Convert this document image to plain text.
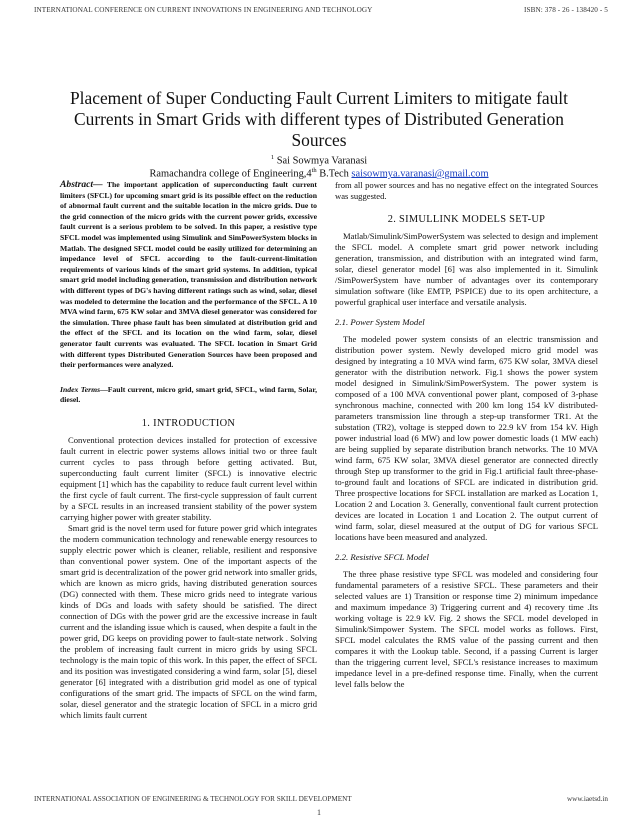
INTERNATIONAL CONFERENCE ON CURRENT INNOVATIONS IN ENGINEERING AND TECHNOLOGY	ISBN: 378 - 26 - 138420 - 5
Placement of Super Conducting Fault Current Limiters to mitigate fault Currents in Smart Grids with different types of Distributed Generation Sources
$^1$ Sai Sowmya Varanasi
Ramachandra college of Engineering,4th B.Tech saisowmya.varanasi@gmail.com

Abstract— The important application of superconducting fault current limiters (SFCL) for upcoming smart grid is its possible effect on the reduction of abnormal fault current and the suitable location in the micro grids. Due to the grid connection of the micro grids with the current power grids, excessive fault current is a serious problem to be solved. In this paper, a resistive type SFCL model was implemented using Simulink and SimPowerSystem blocks in Matlab. The designed SFCL model could be easily utilized for determining an impedance level of SFCL according to the fault-current-limitation requirements of various kinds of the smart grid systems. In addition, typical smart grid model including generation, transmission and distribution network with different types of DG's having different ratings such as wind, solar, diesel was modeled to determine the location and the performance of the SFCL. A 10 MVA wind farm, 675 KW solar and 3MVA diesel generator was considered for the simulation. Three phase fault has been simulated at distribution grid and the effect of the SFCL and its location on the wind farm, solar, diesel generator fault currents was evaluated. The SFCL location in Smart Grid with different types Distributed Generation Sources have been proposed and their performances were analyzed.

Index Terms—Fault current, micro grid, smart grid, SFCL, wind farm, Solar, diesel.

1. INTRODUCTION

Conventional protection devices installed for protection of excessive fault current in electric power systems allows initial two or three fault current cycles to pass through before getting activated. But, superconducting fault current limiter (SFCL) is innovative electric equipment [1] which has the capability to reduce fault current level within the first cycle of fault current. The first-cycle suppression of fault current by a SFCL results in an increased transient stability of the power system carrying higher power with greater stability.

Smart grid is the novel term used for future power grid which integrates the modern communication technology and renewable energy resources to supply electric power which is cleaner, reliable, resilient and responsive than conventional power system. One of the important aspects of the smart grid is decentralization of the power grid network into smaller grids, which are known as micro grids, having distributed generation sources (DG) connected with them. These micro grids need to integrate various kinds of DGs and loads with safety should be satisfied. The direct connection of DGs with the power grid are the excessive increase in fault current and the islanding issue which is caused, when despite a fault in the power grid, DG keeps on providing power to fault-state network . Solving the problem of increasing fault current in micro grids by using SFCL technology is the main topic of this work. In this paper, the effect of SFCL and its position was investigated considering a wind farm, solar [5], diesel generator [6] integrated with a distribution grid model as one of typical configurations of the smart grid. The impacts of SFCL on the wind farm, solar, diesel generator and the strategic location of SFCL in a micro grid which limits fault current

from all power sources and has no negative effect on the integrated Sources was suggested.

2. SIMULLINK MODELS SET-UP

Matlab/Simulink/SimPowerSystem was selected to design and implement the SFCL model. A complete smart grid power network including generation, transmission, and distribution with an integrated wind farm, solar, diesel generator model [6] was also implemented in it. Simulink /SimPowerSystem have number of advantages over its contemporary simulation software (like EMTP, PSPICE) due to its open architecture, a powerful graphical user interface and versatile analysis.

2.1. Power System Model

The modeled power system consists of an electric transmission and distribution power system. Newly developed micro grid model was designed by integrating a 10 MVA wind farm, 675 KW solar, 3MVA diesel generator with the distribution network. Fig.1 shows the power system model designed in Simulink/SimPowerSystem. The power system is composed of a 100 MVA conventional power plant, composed of 3-phase synchronous machine, connected with 200 km long 154 kV distributed-parameters transmission line through a step-up transformer TR1. At the substation (TR2), voltage is stepped down to 22.9 kV from 154 kV. High power industrial load (6 MW) and low power domestic loads (1 MW each) are being supplied by separate distribution branch networks. The 10 MVA wind farm, 675 KW solar, 3MVA diesel generator are connected directly through Step up transformer to the grid in Fig.1 artificial fault three-phase-to-ground fault and locations of SFCL are indicated in distribution grid. Three prospective locations for SFCL installation are marked as Location 1, Location 2 and Location 3. Generally, conventional fault current protection devices are located in Location 1 and Location 2. The output current of wind farm, solar, diesel measured at the output of DG for various SFCL locations have been measured and analyzed.

2.2. Resistive SFCL Model

The three phase resistive type SFCL was modeled and considering four fundamental parameters of a resistive SFCL. These parameters and their selected values are 1) Transition or response time 2) minimum impedance and maximum impedance 3) Triggering current and 4) recovery time .Its working voltage is 22.9 kV. Fig. 2 shows the SFCL model developed in Simulink/Simpower System. The SFCL model works as follows. First, SFCL model calculates the RMS value of the passing current and then compares it with the Lookup table. Second, if a passing Current is larger than the triggering current level, SFCL's resistance increases to maximum impedance level in a pre-defined response time. Finally, when the current level falls below the

INTERNATIONAL ASSOCIATION OF ENGINEERING & TECHNOLOGY FOR SKILL DEVELOPMENT	www.iaetsd.in
1
